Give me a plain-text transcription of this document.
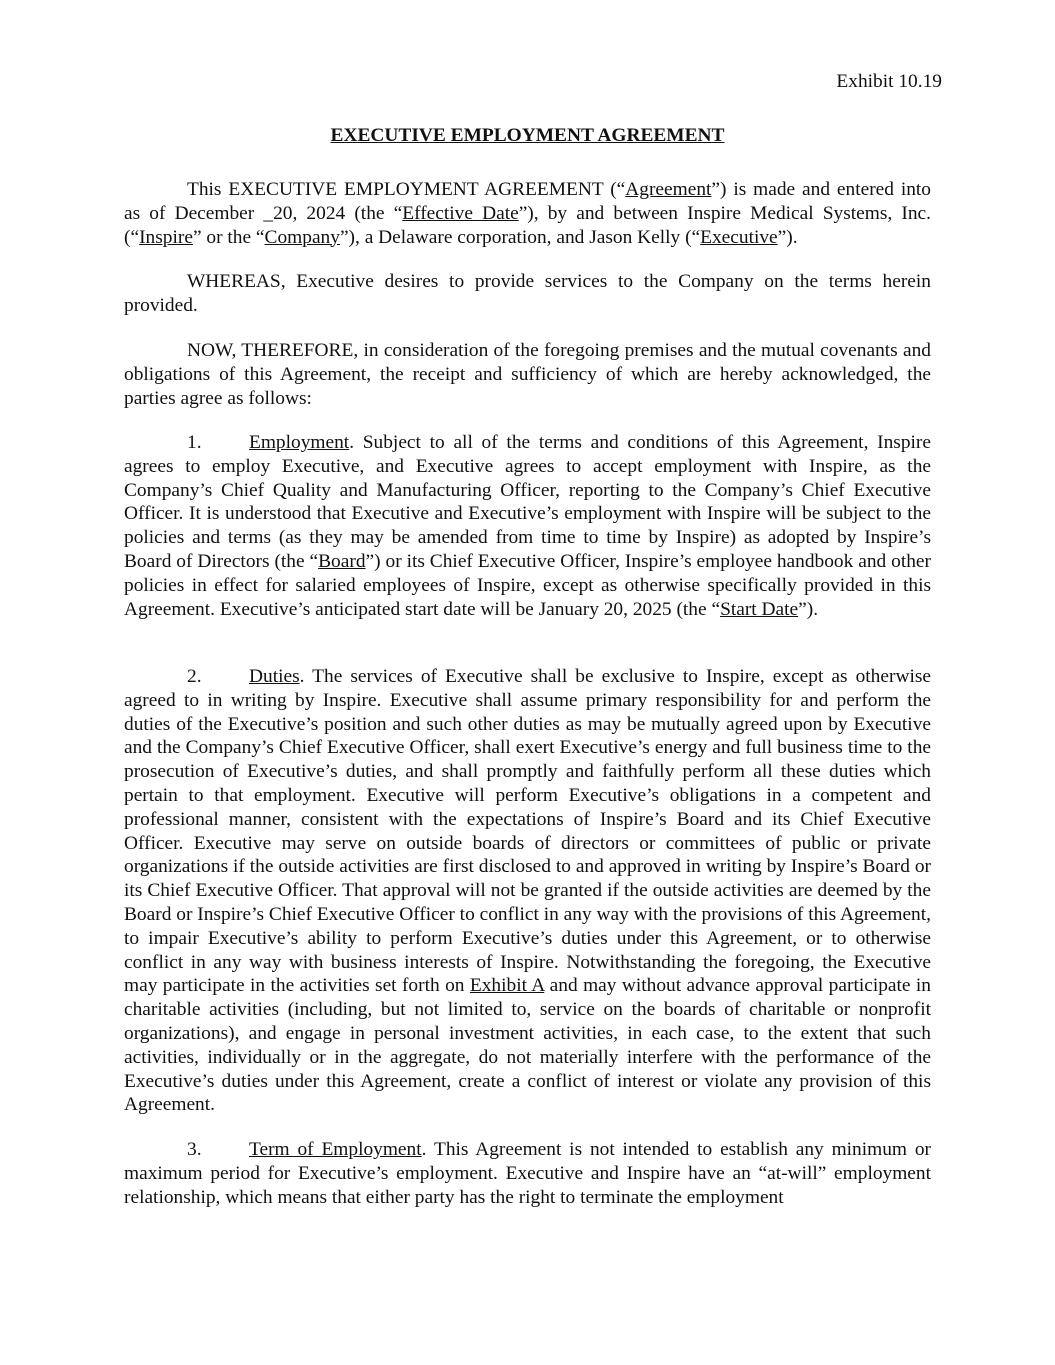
Exhibit 10.19

EXECUTIVE EMPLOYMENT AGREEMENT

This EXECUTIVE EMPLOYMENT AGREEMENT (“Agreement”) is made and entered into as of December _20, 2024 (the “Effective Date”), by and between Inspire Medical Systems, Inc. (“Inspire” or the “Company”), a Delaware corporation, and Jason Kelly (“Executive”).

WHEREAS, Executive desires to provide services to the Company on the terms herein provided.

NOW, THEREFORE, in consideration of the foregoing premises and the mutual covenants and obligations of this Agreement, the receipt and sufficiency of which are hereby acknowledged, the parties agree as follows:

1. Employment. Subject to all of the terms and conditions of this Agreement, Inspire agrees to employ Executive, and Executive agrees to accept employment with Inspire, as the Company’s Chief Quality and Manufacturing Officer, reporting to the Company’s Chief Executive Officer. It is understood that Executive and Executive’s employment with Inspire will be subject to the policies and terms (as they may be amended from time to time by Inspire) as adopted by Inspire’s Board of Directors (the “Board”) or its Chief Executive Officer, Inspire’s employee handbook and other policies in effect for salaried employees of Inspire, except as otherwise specifically provided in this Agreement. Executive’s anticipated start date will be January 20, 2025 (the “Start Date”).

2. Duties. The services of Executive shall be exclusive to Inspire, except as otherwise agreed to in writing by Inspire. Executive shall assume primary responsibility for and perform the duties of the Executive’s position and such other duties as may be mutually agreed upon by Executive and the Company’s Chief Executive Officer, shall exert Executive’s energy and full business time to the prosecution of Executive’s duties, and shall promptly and faithfully perform all these duties which pertain to that employment. Executive will perform Executive’s obligations in a competent and professional manner, consistent with the expectations of Inspire’s Board and its Chief Executive Officer. Executive may serve on outside boards of directors or committees of public or private organizations if the outside activities are first disclosed to and approved in writing by Inspire’s Board or its Chief Executive Officer. That approval will not be granted if the outside activities are deemed by the Board or Inspire’s Chief Executive Officer to conflict in any way with the provisions of this Agreement, to impair Executive’s ability to perform Executive’s duties under this Agreement, or to otherwise conflict in any way with business interests of Inspire. Notwithstanding the foregoing, the Executive may participate in the activities set forth on Exhibit A and may without advance approval participate in charitable activities (including, but not limited to, service on the boards of charitable or nonprofit organizations), and engage in personal investment activities, in each case, to the extent that such activities, individually or in the aggregate, do not materially interfere with the performance of the Executive’s duties under this Agreement, create a conflict of interest or violate any provision of this Agreement.

3. Term of Employment. This Agreement is not intended to establish any minimum or maximum period for Executive’s employment. Executive and Inspire have an “at-will” employment relationship, which means that either party has the right to terminate the employment
